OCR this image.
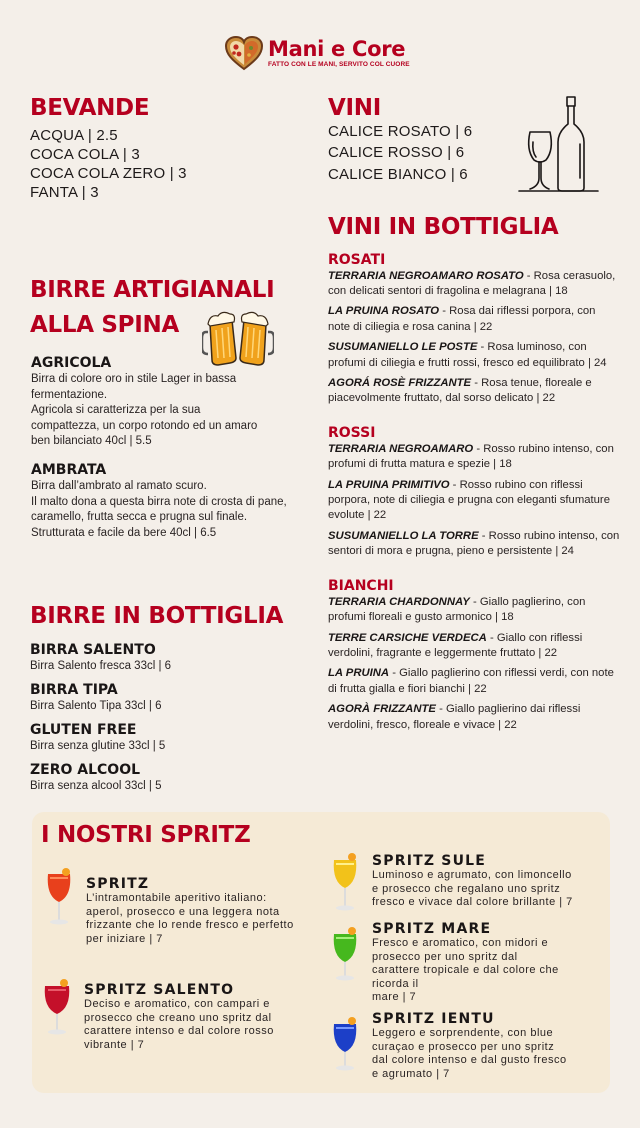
Mani e Core
FATTO CON LE MANI, SERVITO COL CUORE
BEVANDE
ACQUA | 2.5
COCA COLA | 3
COCA COLA ZERO | 3
FANTA | 3
VINI
CALICE ROSATO | 6
CALICE ROSSO | 6
CALICE BIANCO | 6
BIRRE ARTIGIANALI
ALLA SPINA
AGRICOLA

Birra di colore oro in stile Lager in bassa

fermentazione.

Agricola si caratterizza per la sua

compattezza, un corpo rotondo ed un amaro

ben bilanciato 40cl | 5.5

AMBRATA

Birra dall’ambrato al ramato scuro.

Il malto dona a questa birra note di crosta di pane,

caramello, frutta secca e prugna sul finale.

Strutturata e facile da bere 40cl | 6.5

BIRRE IN BOTTIGLIA
BIRRA SALENTO

Birra Salento fresca 33cl | 6

BIRRA TIPA

Birra Salento Tipa 33cl | 6

GLUTEN FREE

Birra senza glutine 33cl | 5

ZERO ALCOOL

Birra senza alcool 33cl | 5

VINI IN BOTTIGLIA
ROSATI

TERRARIA NEGROAMARO ROSATO - Rosa cerasuolo, con delicati sentori di fragolina e melagrana | 18

LA PRUINA ROSATO - Rosa dai riflessi porpora, con note di ciliegia e rosa canina | 22

SUSUMANIELLO LE POSTE - Rosa luminoso, con profumi di ciliegia e frutti rossi, fresco ed equilibrato | 24

AGORÁ ROSÈ FRIZZANTE - Rosa tenue, floreale e piacevolmente fruttato, dal sorso delicato | 22

ROSSI

TERRARIA NEGROAMARO - Rosso rubino intenso, con profumi di frutta matura e spezie | 18

LA PRUINA PRIMITIVO - Rosso rubino con riflessi porpora, note di ciliegia e prugna con eleganti sfumature evolute | 22

SUSUMANIELLO LA TORRE - Rosso rubino intenso, con sentori di mora e prugna, pieno e persistente | 24

BIANCHI

TERRARIA CHARDONNAY - Giallo paglierino, con profumi floreali e gusto armonico | 18

TERRE CARSICHE VERDECA - Giallo con riflessi verdolini, fragrante e leggermente fruttato | 22

LA PRUINA - Giallo paglierino con riflessi verdi, con note di frutta gialla e fiori bianchi | 22

AGORÀ FRIZZANTE - Giallo paglierino dai riflessi verdolini, fresco, floreale e vivace | 22

I NOSTRI SPRITZ
SPRITZ

L’intramontabile aperitivo italiano:

aperol, prosecco e una leggera nota

frizzante che lo rende fresco e perfetto

per iniziare | 7

SPRITZ SALENTO

Deciso e aromatico, con campari e

prosecco che creano uno spritz dal

carattere intenso e dal colore rosso

vibrante | 7

SPRITZ SULE

Luminoso e agrumato, con limoncello

e prosecco che regalano uno spritz

fresco e vivace dal colore brillante | 7

SPRITZ MARE

Fresco e aromatico, con midori e

prosecco per uno spritz dal

carattere tropicale e dal colore che

ricorda il

mare | 7

SPRITZ IENTU

Leggero e sorprendente, con blue

curaçao e prosecco per uno spritz

dal colore intenso e dal gusto fresco

e agrumato | 7
